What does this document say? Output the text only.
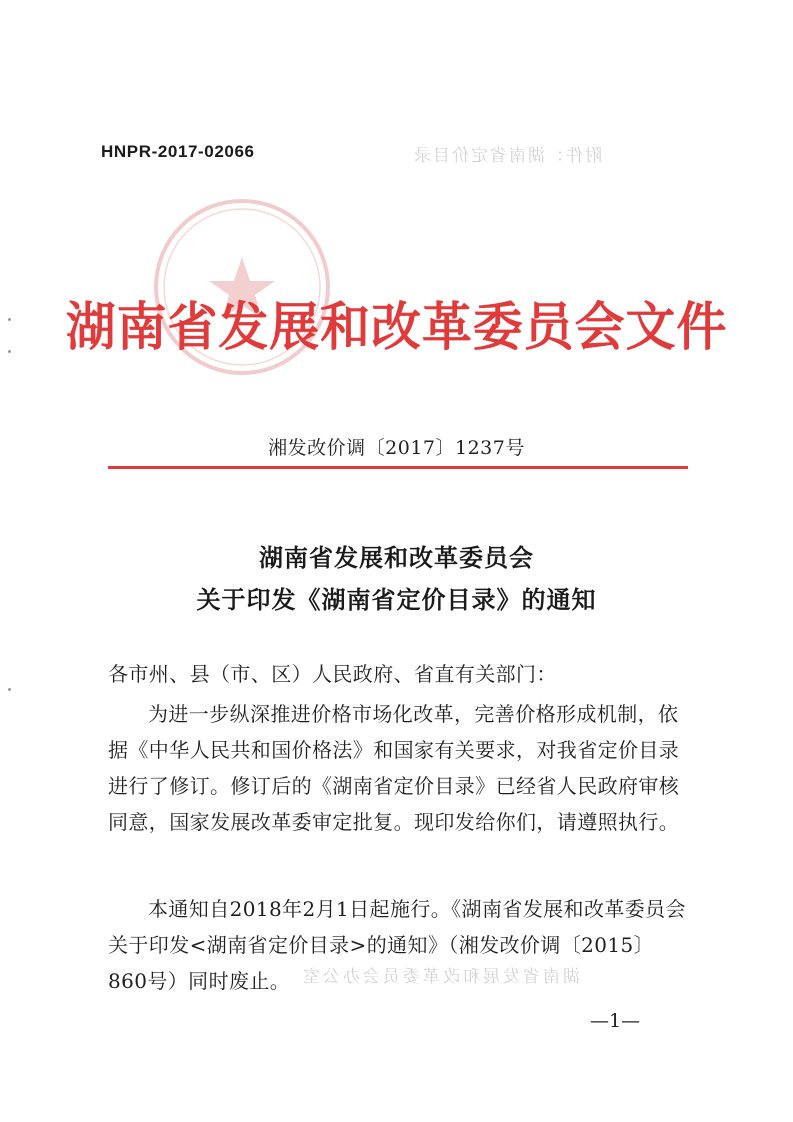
HNPR-2017-02066	附件：湖南省定价目录
湖南省发展和改革委员会文件
湘发改价调〔2017〕1237号
湖南省发展和改革委员会
关于印发《湖南省定价目录》的通知
各市州、县（市、区）人民政府、省直有关部门：
为进一步纵深推进价格市场化改革，完善价格形成机制，依据《中华人民共和国价格法》和国家有关要求，对我省定价目录进行了修订。修订后的《湖南省定价目录》已经省人民政府审核同意，国家发展改革委审定批复。现印发给你们，请遵照执行。
本通知自2018年2月1日起施行。《湖南省发展和改革委员会关于印发<湖南省定价目录>的通知》（湘发改价调〔2015〕860号）同时废止。 湖南省发展和改革委员会办公室
—1—
